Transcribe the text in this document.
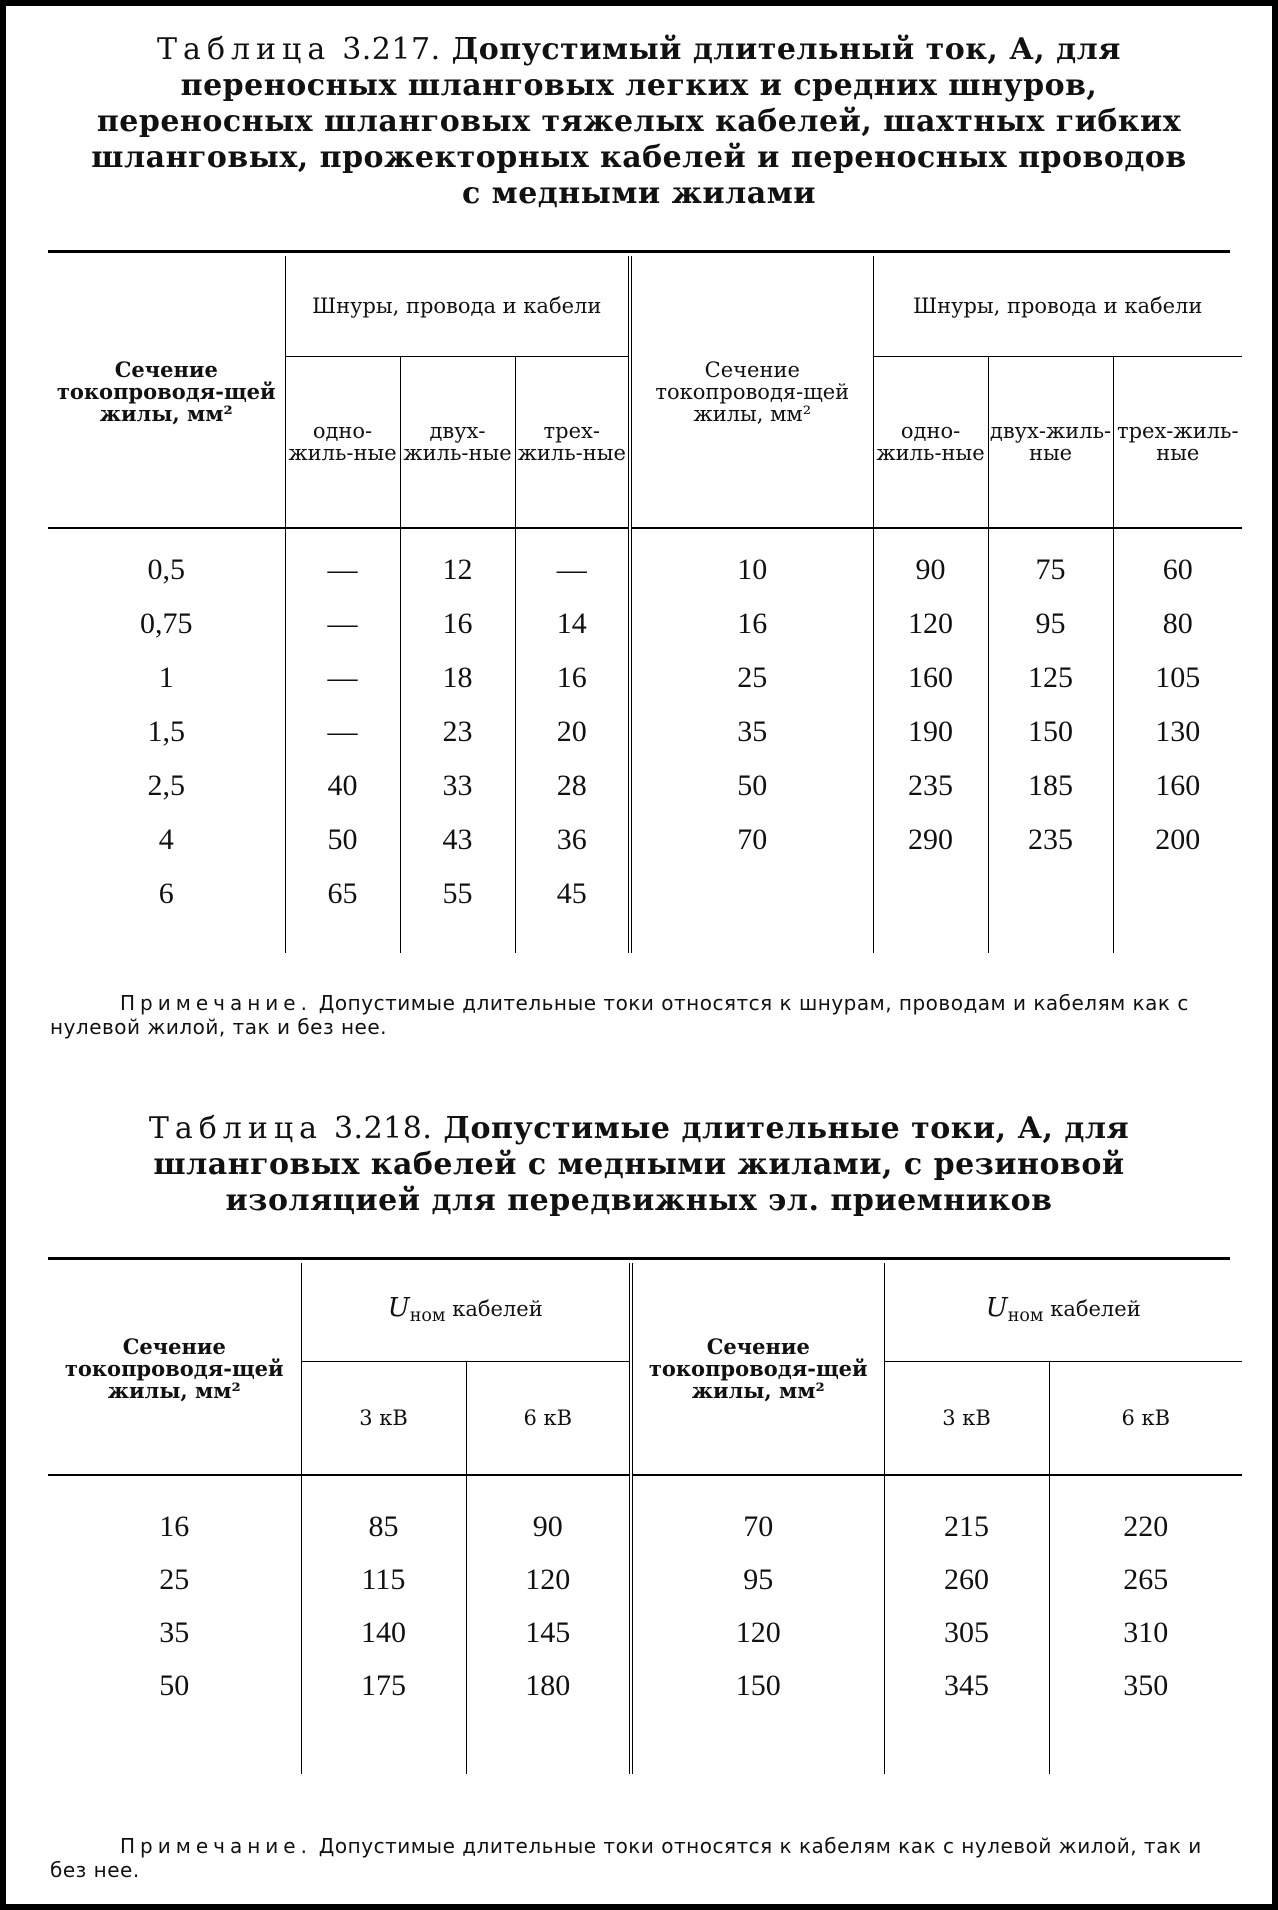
Таблица 3.217. Допустимый длительный ток, А, для переносных шланговых легких и средних шнуров, переносных шланговых тяжелых кабелей, шахтных гибких шланговых, прожекторных кабелей и переносных проводов с медными жилами
Сечение токопроводя-щей жилы, мм²	Шнуры, провода и кабели			Сечение токопроводя-щей жилы, мм²	Шнуры, провода и кабели		
	одно-жиль-ные	двух-жиль-ные	трех-жиль-ные		одно-жиль-ные	двух-жиль-ные	трех-жиль-ные

0,5	—	12	—	10	90	75	60
0,75	—	16	14	16	120	95	80
1	—	18	16	25	160	125	105
1,5	—	23	20	35	190	150	130
2,5	40	33	28	50	235	185	160
4	50	43	36	70	290	235	200
6	65	55	45				

Примечание. Допустимые длительные токи относятся к шнурам, проводам и кабелям как с нулевой жилой, так и без нее.
Таблица 3.218. Допустимые длительные токи, А, для шланговых кабелей с медными жилами, с резиновой изоляцией для передвижных эл. приемников
Сечение токопроводя-щей жилы, мм²	$U_{ном}$ кабелей		Сечение токопроводя-щей жилы, мм²	$U_{ном}$ кабелей	
	3 кВ	6 кВ		3 кВ	6 кВ

16	85	90	70	215	220
25	115	120	95	260	265
35	140	145	120	305	310
50	175	180	150	345	350

Примечание. Допустимые длительные токи относятся к кабелям как с нулевой жилой, так и без нее.
